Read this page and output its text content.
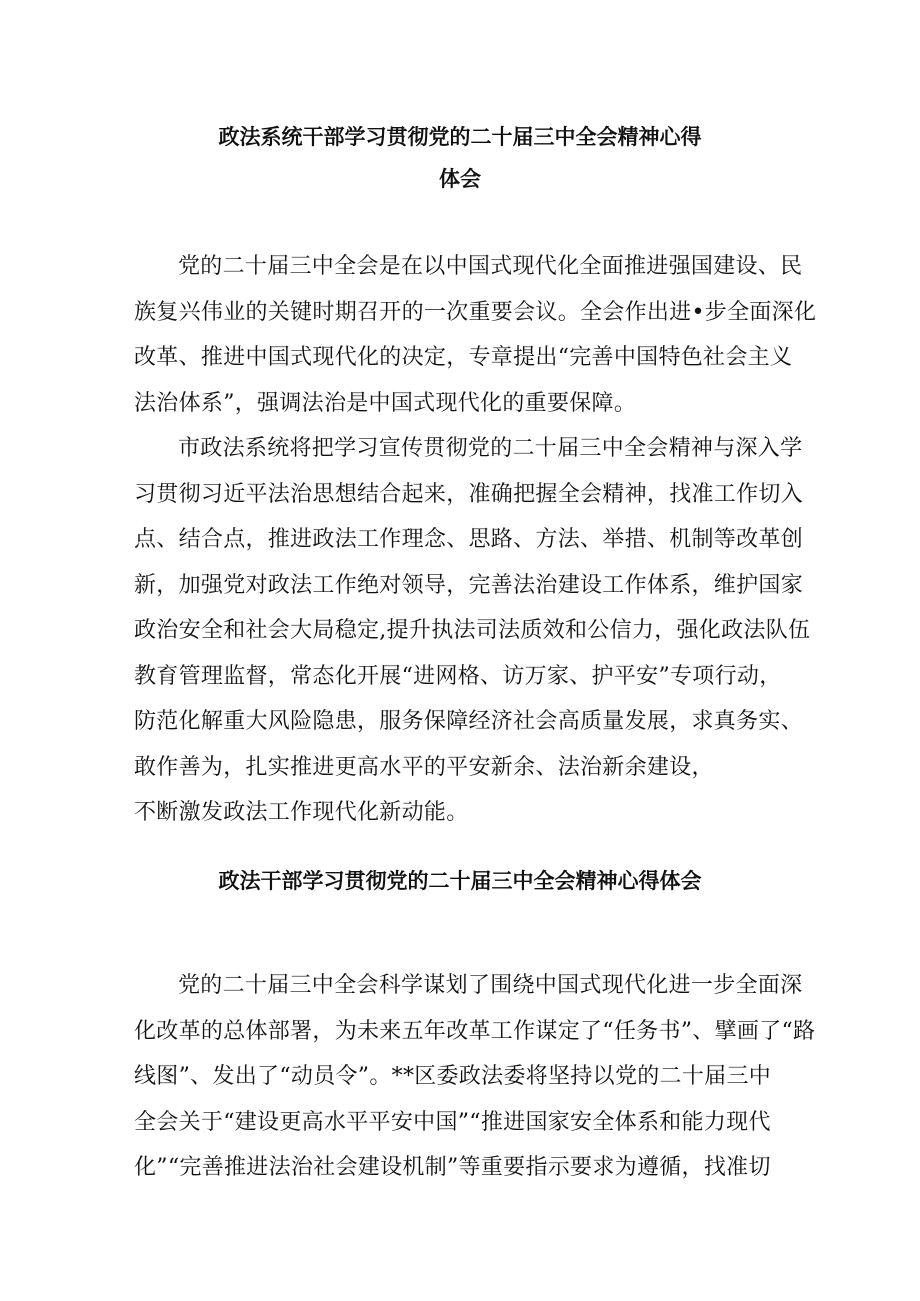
政法系统干部学习贯彻党的二十届三中全会精神心得
体会

党的二十届三中全会是在以中国式现代化全面推进强国建设、民
族复兴伟业的关键时期召开的一次重要会议。全会作出进•步全面深化
改革、推进中国式现代化的决定，专章提出“完善中国特色社会主义
法治体系”，强调法治是中国式现代化的重要保障。

市政法系统将把学习宣传贯彻党的二十届三中全会精神与深入学
习贯彻习近平法治思想结合起来，准确把握全会精神，找准工作切入
点、结合点，推进政法工作理念、思路、方法、举措、机制等改革创
新，加强党对政法工作绝对领导，完善法治建设工作体系，维护国家
政治安全和社会大局稳定,提升执法司法质效和公信力，强化政法队伍
教育管理监督，常态化开展“进网格、访万家、护平安”专项行动，
防范化解重大风险隐患，服务保障经济社会高质量发展，求真务实、
敢作善为，扎实推进更高水平的平安新余、法治新余建设，
不断激发政法工作现代化新动能。

政法干部学习贯彻党的二十届三中全会精神心得体会

党的二十届三中全会科学谋划了围绕中国式现代化进一步全面深
化改革的总体部署，为未来五年改革工作谋定了“任务书”、擘画了“路
线图”、发出了“动员令”。**区委政法委将坚持以党的二十届三中
全会关于“建设更高水平平安中国”“推进国家安全体系和能力现代
化”“完善推进法治社会建设机制”等重要指示要求为遵循，找准切
